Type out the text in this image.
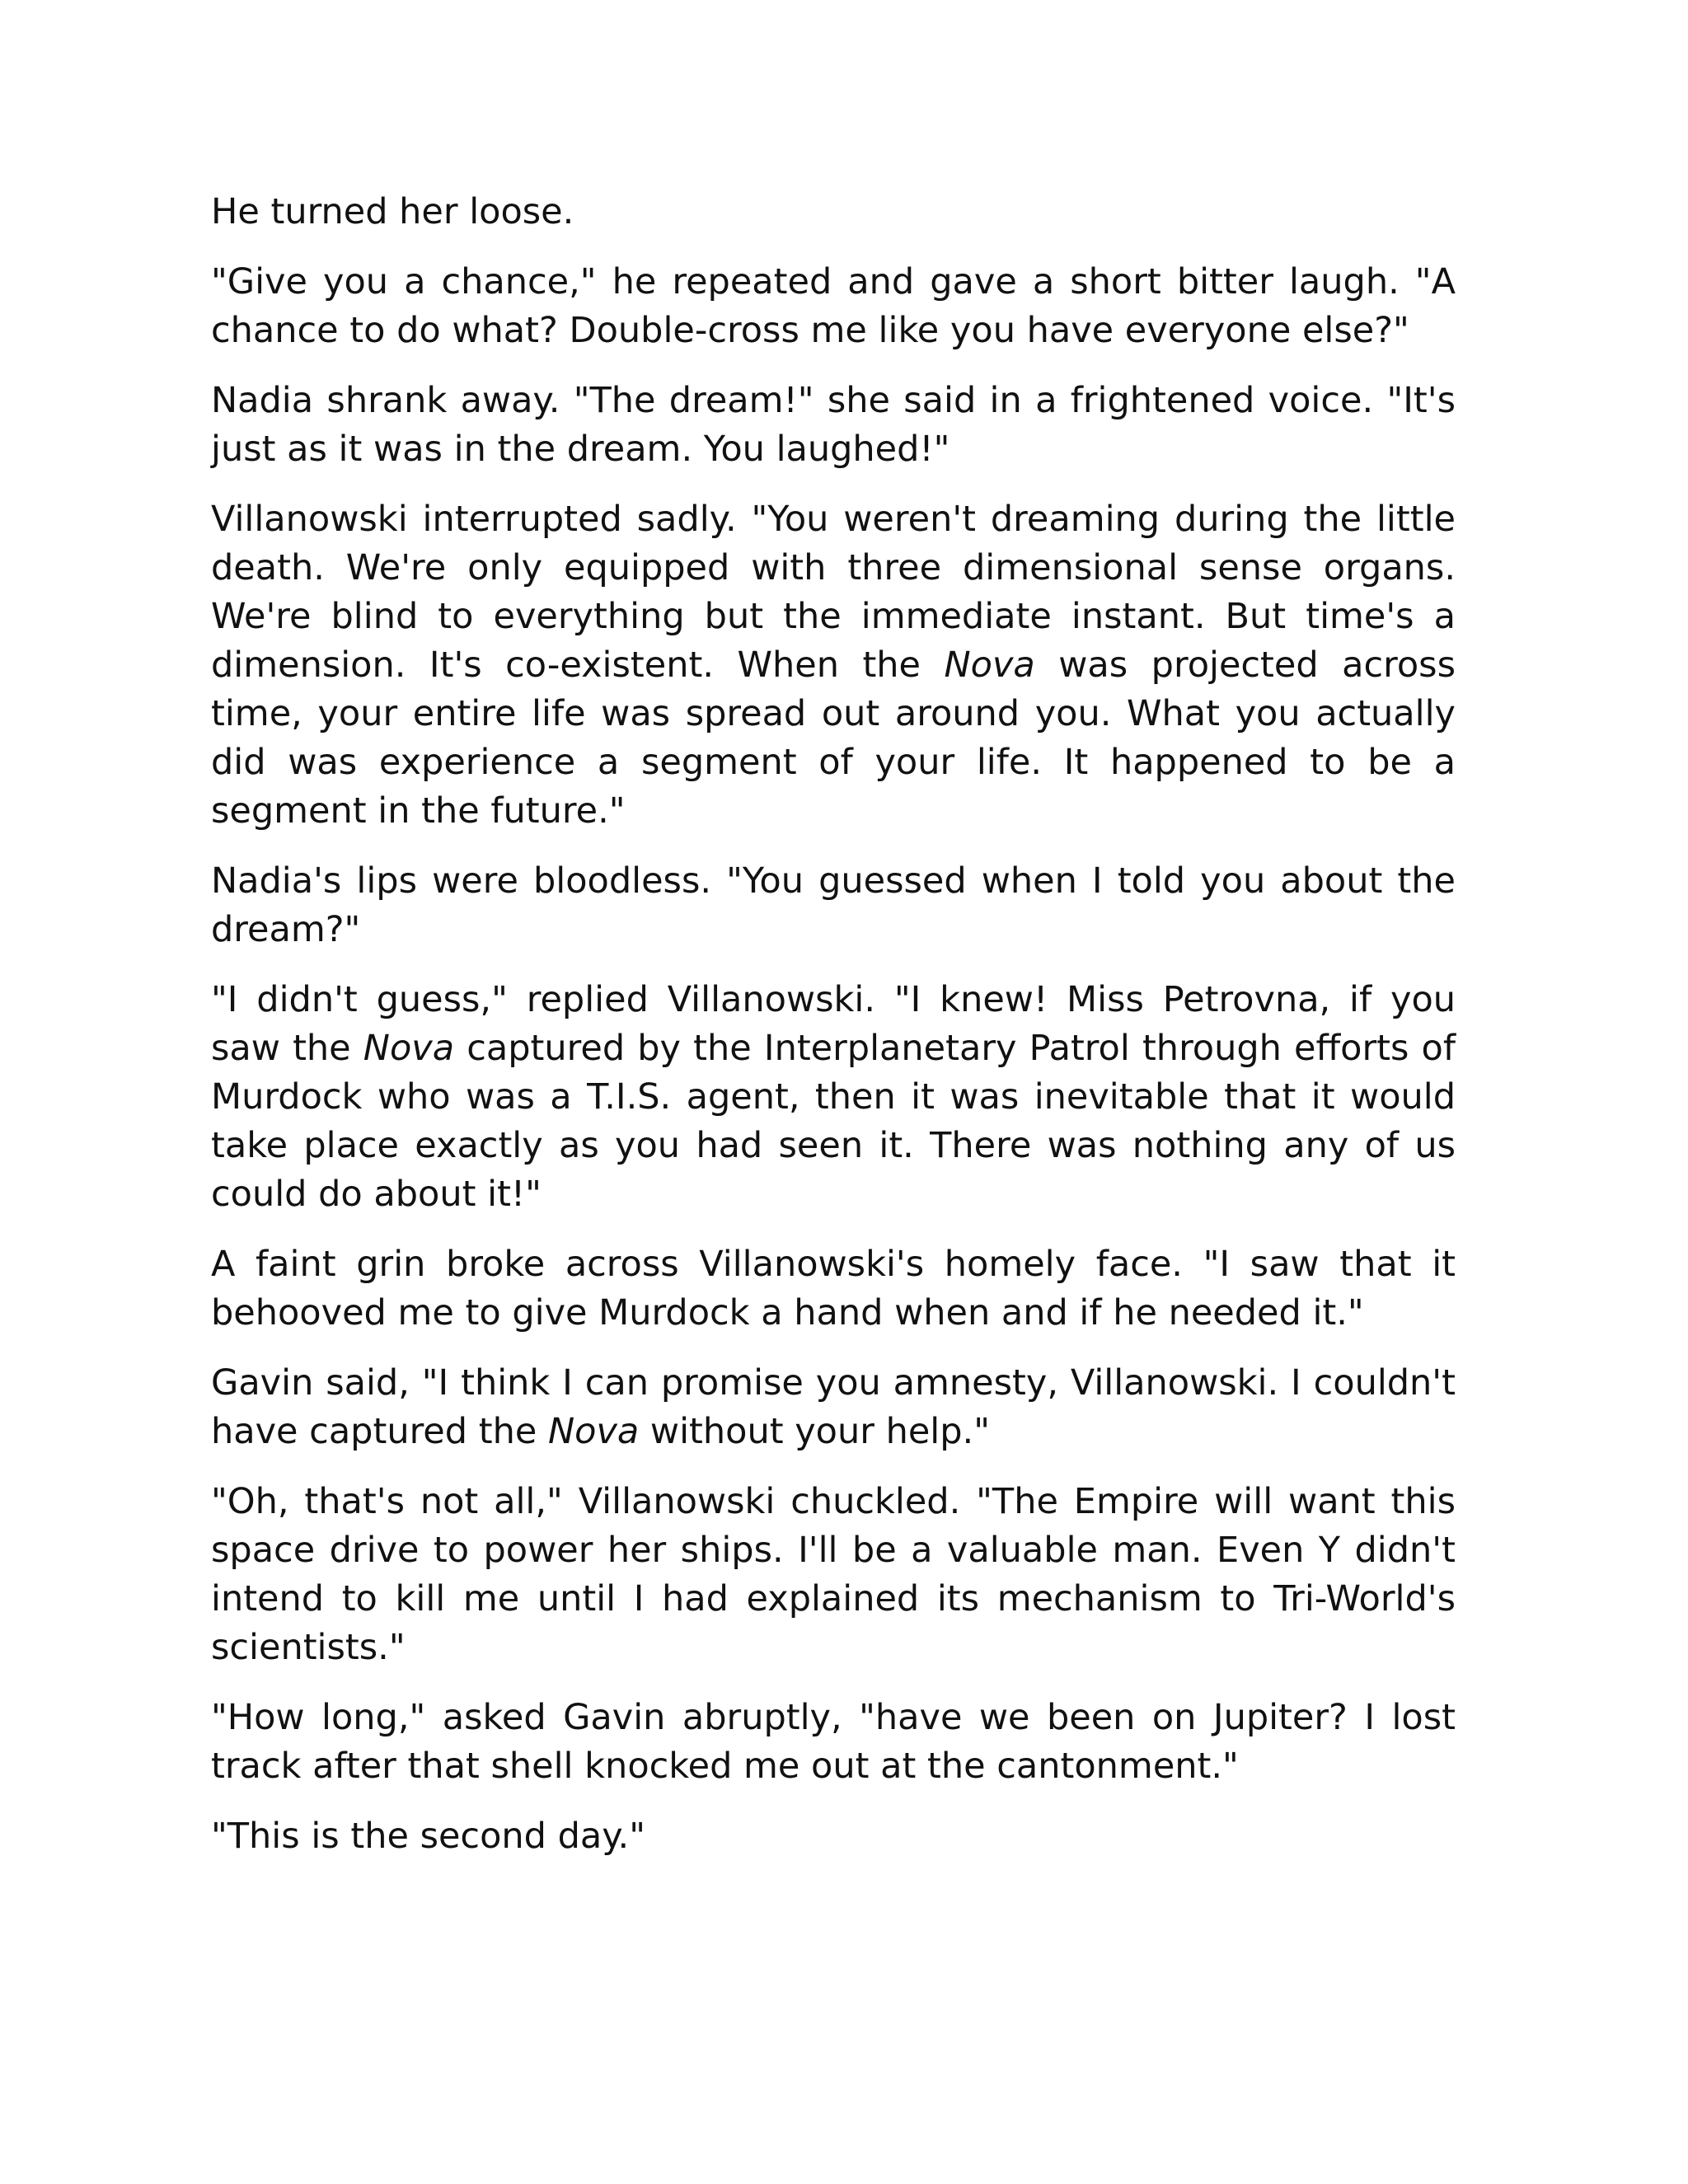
He turned her loose.

"Give you a chance," he repeated and gave a short bitter laugh. "A chance to do what? Double-cross me like you have everyone else?"

Nadia shrank away. "The dream!" she said in a frightened voice. "It's just as it was in the dream. You laughed!"

Villanowski interrupted sadly. "You weren't dreaming during the little death. We're only equipped with three dimensional sense organs. We're blind to everything but the immediate instant. But time's a dimension. It's co-existent. When the Nova was projected across time, your entire life was spread out around you. What you actually did was experience a segment of your life. It happened to be a segment in the future."

Nadia's lips were bloodless. "You guessed when I told you about the dream?"

"I didn't guess," replied Villanowski. "I knew! Miss Petrovna, if you saw the Nova captured by the Interplanetary Patrol through efforts of Murdock who was a T.I.S. agent, then it was inevitable that it would take place exactly as you had seen it. There was nothing any of us could do about it!"

A faint grin broke across Villanowski's homely face. "I saw that it behooved me to give Murdock a hand when and if he needed it."

Gavin said, "I think I can promise you amnesty, Villanowski. I couldn't have captured the Nova without your help."

"Oh, that's not all," Villanowski chuckled. "The Empire will want this space drive to power her ships. I'll be a valuable man. Even Y didn't intend to kill me until I had explained its mechanism to Tri-World's scientists."

"How long," asked Gavin abruptly, "have we been on Jupiter? I lost track after that shell knocked me out at the cantonment."

"This is the second day."
